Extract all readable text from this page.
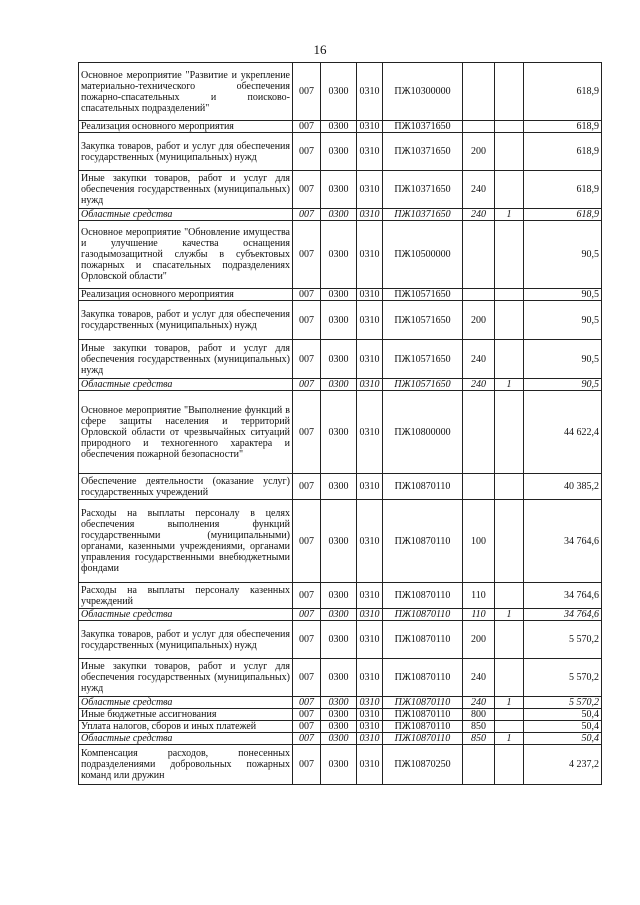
16
Основное мероприятие "Развитие и укрепление материально-технического обеспечения пожарно-спасательных и поисково-спасательных подразделений"	007	0300	0310	ПЖ10300000			618,9
Реализация основного мероприятия	007	0300	0310	ПЖ10371650			618,9
Закупка товаров, работ и услуг для обеспечения государственных (муниципальных) нужд	007	0300	0310	ПЖ10371650	200		618,9
Иные закупки товаров, работ и услуг для обеспечения государственных (муниципальных) нужд	007	0300	0310	ПЖ10371650	240		618,9
Областные средства	007	0300	0310	ПЖ10371650	240	1	618,9
Основное мероприятие "Обновление имущества и улучшение качества оснащения газодымозащитной службы в субъектовых пожарных и спасательных подразделениях Орловской области"	007	0300	0310	ПЖ10500000			90,5
Реализация основного мероприятия	007	0300	0310	ПЖ10571650			90,5
Закупка товаров, работ и услуг для обеспечения государственных (муниципальных) нужд	007	0300	0310	ПЖ10571650	200		90,5
Иные закупки товаров, работ и услуг для обеспечения государственных (муниципальных) нужд	007	0300	0310	ПЖ10571650	240		90,5
Областные средства	007	0300	0310	ПЖ10571650	240	1	90,5
Основное мероприятие "Выполнение функций в сфере защиты населения и территорий Орловской области от чрезвычайных ситуаций природного и техногенного характера и обеспечения пожарной безопасности"	007	0300	0310	ПЖ10800000			44 622,4
Обеспечение деятельности (оказание услуг) государственных учреждений	007	0300	0310	ПЖ10870110			40 385,2
Расходы на выплаты персоналу в целях обеспечения выполнения функций государственными (муниципальными) органами, казенными учреждениями, органами управления государственными внебюджетными фондами	007	0300	0310	ПЖ10870110	100		34 764,6
Расходы на выплаты персоналу казенных учреждений	007	0300	0310	ПЖ10870110	110		34 764,6
Областные средства	007	0300	0310	ПЖ10870110	110	1	34 764,6
Закупка товаров, работ и услуг для обеспечения государственных (муниципальных) нужд	007	0300	0310	ПЖ10870110	200		5 570,2
Иные закупки товаров, работ и услуг для обеспечения государственных (муниципальных) нужд	007	0300	0310	ПЖ10870110	240		5 570,2
Областные средства	007	0300	0310	ПЖ10870110	240	1	5 570,2
Иные бюджетные ассигнования	007	0300	0310	ПЖ10870110	800		50,4
Уплата налогов, сборов и иных платежей	007	0300	0310	ПЖ10870110	850		50,4
Областные средства	007	0300	0310	ПЖ10870110	850	1	50,4
Компенсация расходов, понесенных подразделениями добровольных пожарных команд или дружин	007	0300	0310	ПЖ10870250			4 237,2
